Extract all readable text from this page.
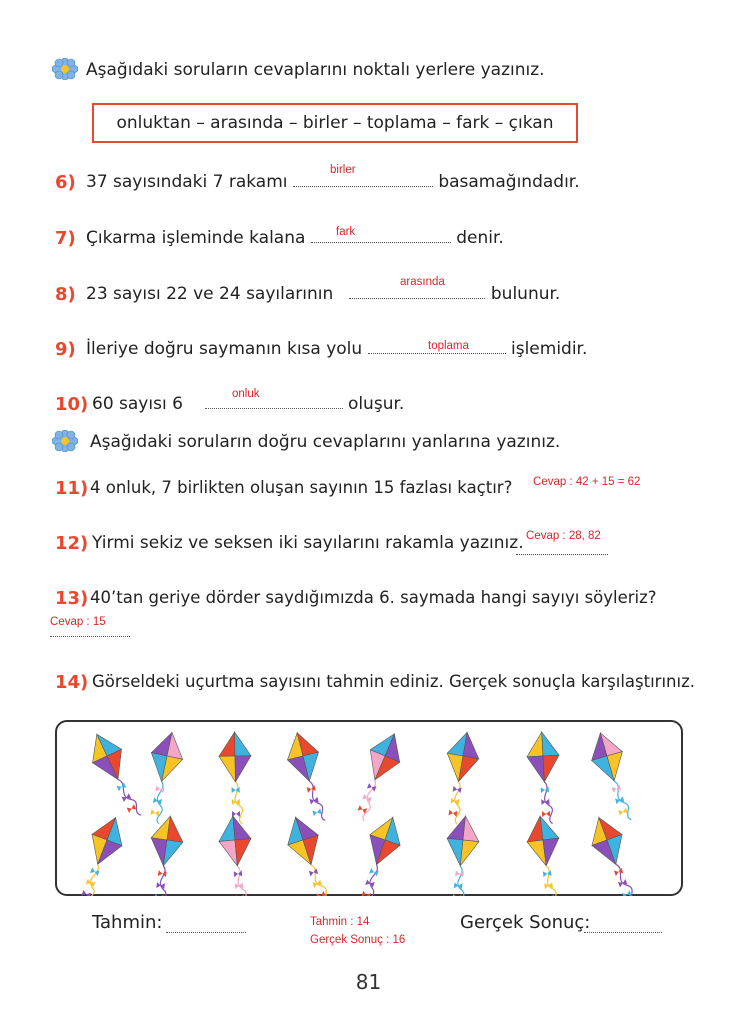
Aşağıdaki soruların cevaplarını noktalı yerlere yazınız.
onluktan – arasında – birler – toplama – fark – çıkan
6) 37 sayısındaki 7 rakamı	basamağındadır.
birler
7) Çıkarma işleminde kalana	denir.
fark
8) 23 sayısı 22 ve 24 sayılarının	bulunur.
arasında
9) İleriye doğru saymanın kısa yolu	işlemidir.
toplama
10) 60 sayısı 6	oluşur.
onluk
Aşağıdaki soruların doğru cevaplarını yanlarına yazınız.
11) 4 onluk, 7 birlikten oluşan sayının 15 fazlası kaçtır? Cevap : 42 + 15 = 62
12) Yirmi sekiz ve seksen iki sayılarını rakamla yazınız. Cevap : 28, 82
13) 40’tan geriye dörder saydığımızda 6. saymada hangi sayıyı söyleriz?
Cevap : 15
14) Görseldeki uçurtma sayısını tahmin ediniz. Gerçek sonuçla karşılaştırınız.
Tahmin:	Tahmin : 14
Gerçek Sonuç : 16
Gerçek Sonuç:
81
